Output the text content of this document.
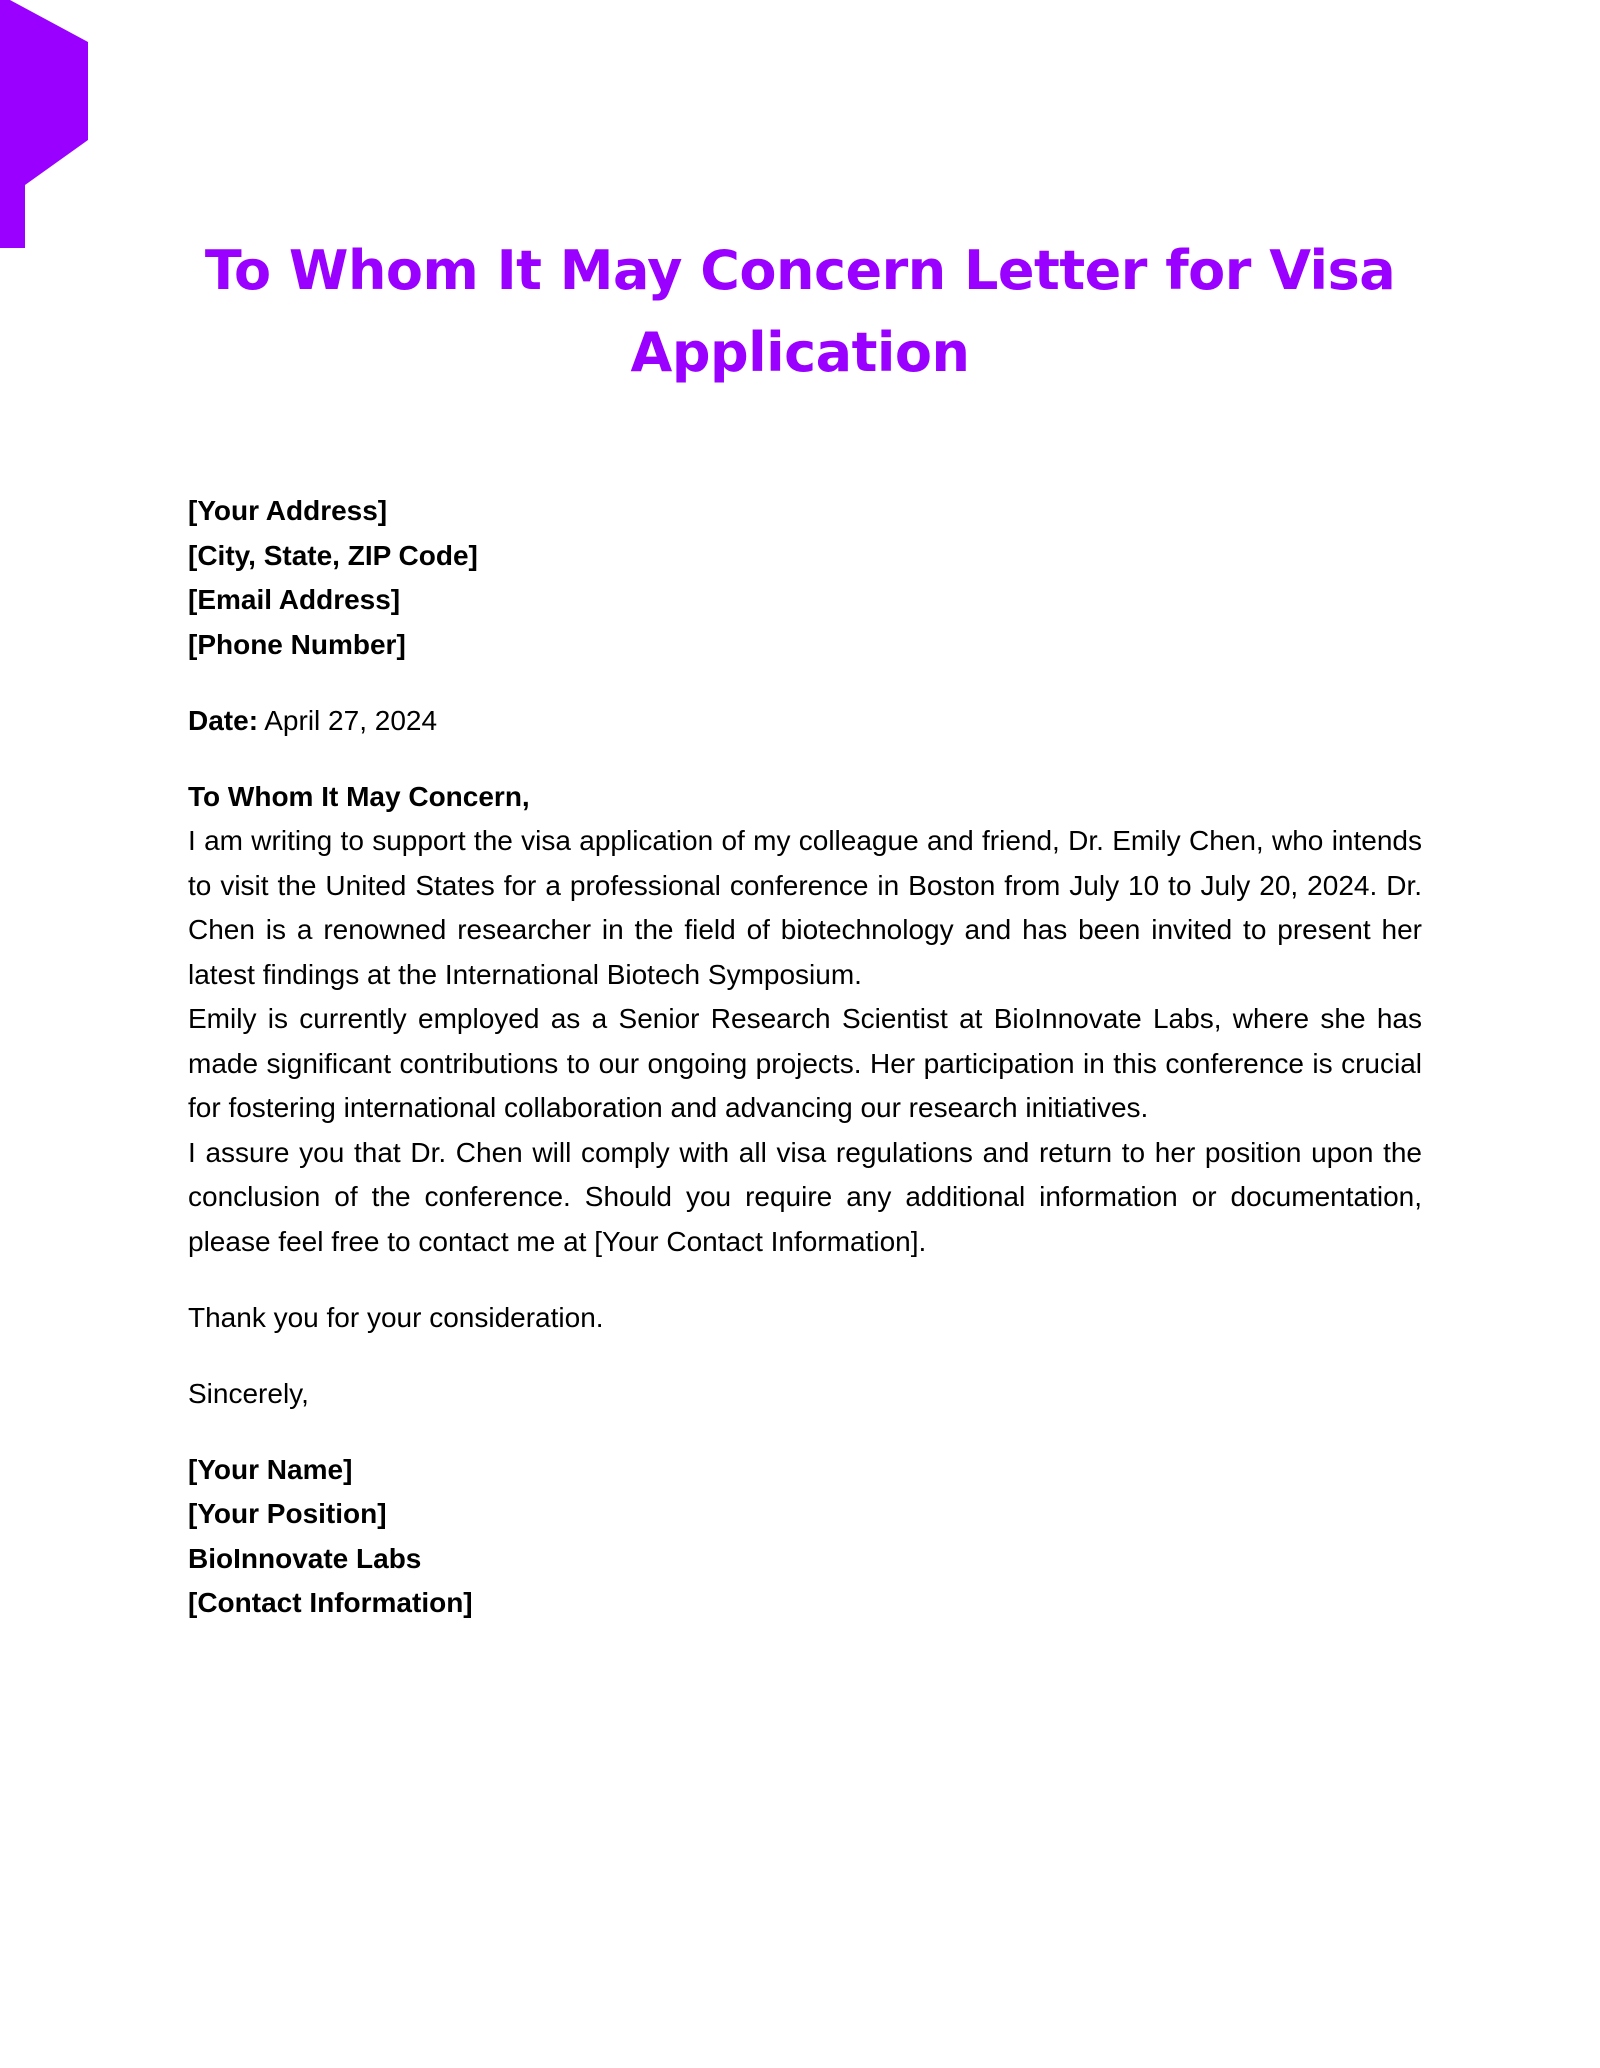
To Whom It May Concern Letter for Visa Application
[Your Address]
[City, State, ZIP Code]
[Email Address]
[Phone Number]

Date: April 27, 2024

To Whom It May Concern,

I am writing to support the visa application of my colleague and friend, Dr. Emily Chen, who intends to visit the United States for a professional conference in Boston from July 10 to July 20, 2024. Dr. Chen is a renowned researcher in the field of biotechnology and has been invited to present her latest findings at the International Biotech Symposium.

Emily is currently employed as a Senior Research Scientist at BioInnovate Labs, where she has made significant contributions to our ongoing projects. Her participation in this conference is crucial for fostering international collaboration and advancing our research initiatives.

I assure you that Dr. Chen will comply with all visa regulations and return to her position upon the conclusion of the conference. Should you require any additional information or documentation, please feel free to contact me at [Your Contact Information].

Thank you for your consideration.

Sincerely,

[Your Name]
[Your Position]
BioInnovate Labs
[Contact Information]
